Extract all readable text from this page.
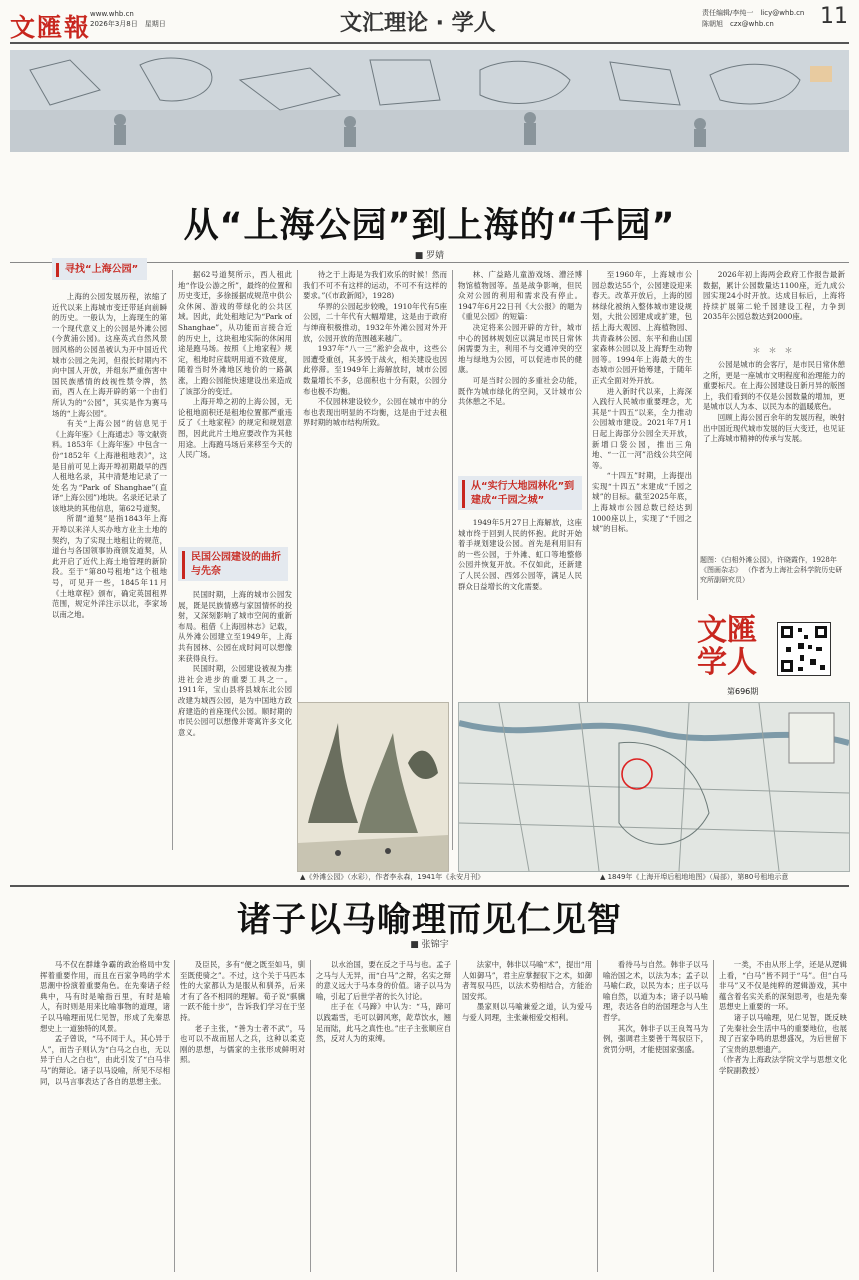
文匯報
www.whb.cn
2026年3月8日　星期日	文汇理论 · 学人	责任编辑/李纯一　licy@whb.cn
陈朝旭　czx@whb.cn	11
从“上海公园”到上海的“千园”
■ 罗婧
寻找“上海公园”

上海的公园发展历程，浓缩了近代以来上海城市变迁带延向前瞬的历史。一般认为，上海现生的第一个现代意义上的公园是外滩公园(今黄浦公园)。这座英式自然风景园风格的公园虽被认为开中国近代城市公园之先河，但很长时期内不向中国人开放，并组东严重伤害中国民族感情的歧视性禁令牌，然而，西人在上海开辟的第一个由们所认为的“公园”，其实是作为赛马场的“上海公园”。

有关“上海公园”的信息见于《上海年鉴》《上海通志》等文献资料。1853年《上海年鉴》中包含一份“1852年《上海港租地表》”，这是目前可见上海开埠初期最早的西人租地名录，其中清楚地记录了一处名为“Park of Shanghae”(直译“上海公园”)地块。名录还记录了该地块的其他信息，第62号道契。

所谓“道契”是指1843年上海开埠以来洋人买办地方业主土地的契约，为了实现土地租让的规范，道台与各国领事协商颁发道契，从此开启了近代上海土地管理的新阶段。至于“第80号租地”这个租地号，可见开一些，1845年11月《土地章程》颁布，确定英国租界范围，规定外洋注示以北，李家场以南之地。

据62号道契所示，西人租此地“作设公游之所”，最终的位置和历史变迁，多徐援据成规范中供公众休闲、游戏的带绿化的公共区域。因此，此处租地记为“Park of Shanghae”，从功能而言接合近的历史上，这块租地实际的休闲用途是跑马场。按照《上地家程》规定，租地时应载明用道不致使度，随着当时外滩地区地价的一路飙涨，上跑公园能快速建设出来造成了该部分的变迁。

上海开埠之初的上海公园，无论租地面积还是租地位置都严重违反了《土地家程》的规定和规划意图，因此此片土地应要改作为其他用途。上海跑马场后来移至今天的人民广场。

民国公园建设的曲折与先奈

民国时期，上海的城市公园发展，既是民族情感与家国情怀的投射，又深刻影响了城市空间的重新布局。租借《上海园林志》记载，从外滩公园建立至1949年，上海共有园林、公园在成时间可以想像来获得良行。

民国时期，公园建设被视为推进社会进步的重要工具之一。1911年，宝山县将县城东北公园改建为城西公园，是为中国地方政府建造的首座现代公园。顺时期的市民公园可以想像并寄寓许多文化意义。

待之于上海是为我们欢乐的时候！然而我们不可不有这样的运动，不可不有这样的要求。”(《市政新闻》，1928)

华界的公园起步较晚，1910年代有5座公园，二十年代有大幅增建，这是由于政府与绅商积极推动，1932年外滩公园对外开放，公园开放的范围越来越广。

1937年“八一三”淞沪会战中，这些公园遭受重创，其多毁于战火，相关建设也因此停滞。至1949年上海解放时，城市公园数量增长不多，总面积也十分有限，公园分布也极不均衡。

不仅园林建设较少，公园在城市中的分布也表现出明显的不均衡，这是由于过去租界时期的城市结构所致。

林、广益路儿童游戏场、漕泾博物馆植物园等。虽是战争影响，但民众对公园的利用和需求没有停止。1947年6月22日刊《大公报》的题为《重见公园》的短篇：

决定将来公园开辟的方针，城市中心的园林规划应以满足市民日常休闲需要为主，利用不与交通冲突的空地与绿地为公园，可以促进市民的健康。

可是当时公园的多重社会功能，既作为城市绿化的空间，又计城市公共休憩之不足。

从“实行大地园林化”到建成“千园之城”

1949年5月27日上海解放，这座城市终于回到人民的怀抱。此时开始着手规划建设公园。首先是利用旧有的一些公园，于外滩、虹口等地整修公园并恢复开放。不仅如此，还新建了人民公园、西郊公园等，满足人民群众日益增长的文化需要。

至1960年，上海城市公园总数达55个，公园建设迎来春天。改革开放后，上海的园林绿化被纳入整体城市建设规划，大批公园建成或扩建，包括上海大观园、上海植物园、共青森林公园、东平和曲山国家森林公园以及上海野生动物园等。1994年上海最大的生态城市公园开始筹建，于随年正式全面对外开放。

进入新时代以来，上海深入践行人民城市重要理念，尤其是“十四五”以来，全力推动公园城市建设。2021年7月1日起上海部分公园全天开放，新增口袋公园，推出三角地、“一江一河”沿线公共空间等。

“十四五”时期，上海提出实现“十四五”末建成“千园之城”的目标。截至2025年底，上海城市公园总数已经达到1000座以上，实现了“千园之城”的目标。

2026年初上海两会政府工作报告最新数据，累计公园数量达1100座，近九成公园实现24小时开放。达成目标后，上海将持续扩展第二轮千园建设工程，力争到2035年公园总数达到2000座。

＊　＊　＊

公园是城市的会客厅，是市民日常休憩之所，更是一座城市文明程度和治理能力的重要标尺。在上海公园建设日新月异的版图上，我们看到的不仅是公园数量的增加，更是城市以人为本、以民为本的温暖底色。

回顾上海公园百余年的发展历程，映射出中国近现代城市发展的巨大变迁，也见证了上海城市精神的传承与发展。

题图：《白相外滩公园》，许晓霞作，1928年《图画杂志》 （作者为上海社会科学院历史研究所副研究员）
文匯
学人
第696期
▲《外滩公园》（水彩），作者李永森，1941年《永安月刊》	▲ 1849年《上海开埠后租地地图》（局部），第80号租地示意
诸子以马喻理而见仁见智
■ 张锦宇

马不仅在群雄争霸的政治格局中发挥着重要作用，而且在百家争鸣的学术思潮中扮演着重要角色。在先秦诸子经典中，马有时是喻指百里，有时是喻人，有时则是用来比喻事物的道理，诸子以马喻理而见仁见智，形成了先秦思想史上一道独特的风景。

孟子曾说，“马不同于人，其心异于人”，而告子则认为“白马之白也，无以异于白人之白也”，由此引发了“白马非马”的辩论。诸子以马设喻，所见不尽相同，以马言事表达了各自的思想主张。

及臣民，多有“便之既至如马，驯至既使骑之”。不过，这个关于马匹本性的大家都认为是服从和驯养，后来才有了各不相同的理解。荀子说“骐骥一跃不能十步”，告诉我们学习在于坚持。

老子主张，“善为士者不武”，马也可以不战而屈人之兵，这种以柔克刚的思想，与儒家的主张形成鲜明对照。

以水治国，要在反之于马与也。孟子之马与人无异，而“白马”之辩，名实之辩的意义远大于马本身的价值。诸子以马为喻，引起了后世学者的长久讨论。

庄子在《马蹄》中认为：“马，蹄可以践霜雪，毛可以御风寒，龁草饮水，翘足而陆，此马之真性也。”庄子主张顺应自然，反对人为的束缚。

法家中，韩非以马喻“术”，提出“用人如御马”，君主应掌握驭下之术，如御者驾驭马匹，以法术势相结合，方能治国安邦。

墨家则以马喻兼爱之道，认为爱马与爱人同理，主张兼相爱交相利。

看待马与自然。韩非子以马喻治国之术，以法为本；孟子以马喻仁政，以民为本；庄子以马喻自然，以道为本；诸子以马喻理，表达各自的治国理念与人生哲学。

其次，韩非子以王良驾马为例，强调君主要善于驾驭臣下，赏罚分明，才能使国家强盛。

一类，不由从形上学，还是从逻辑上看，“白马”皆不同于“马”。但“白马非马”又不仅是纯粹的逻辑游戏，其中蕴含着名实关系的深刻思考，也是先秦思想史上重要的一环。

诸子以马喻理，见仁见智，既反映了先秦社会生活中马的重要地位，也展现了百家争鸣的思想盛况，为后世留下了宝贵的思想遗产。

（作者为上海政法学院文学与思想文化学院副教授）
